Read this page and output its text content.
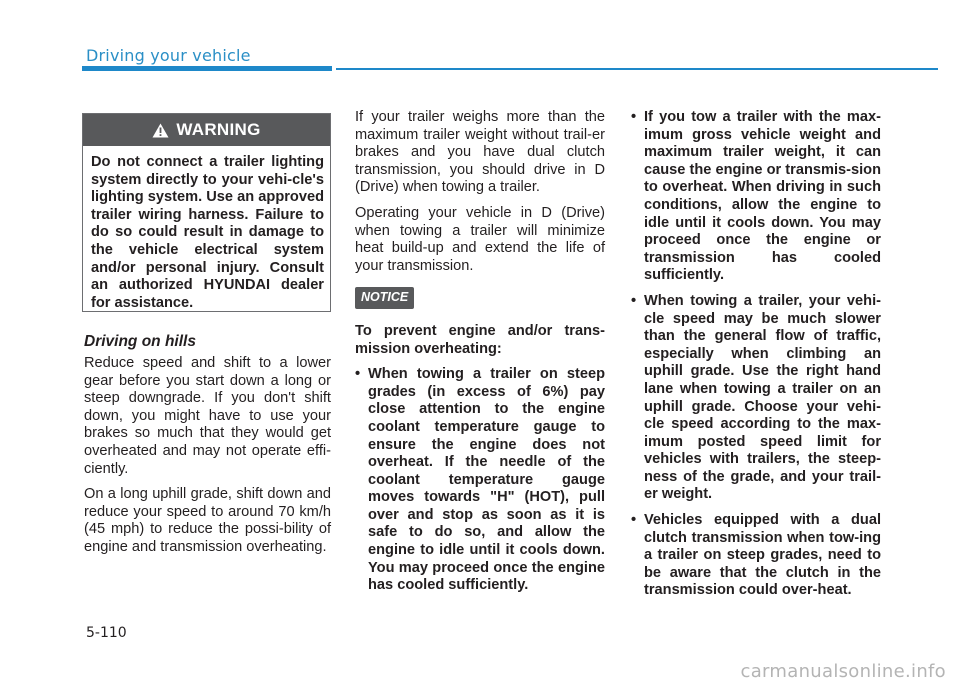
Driving your vehicle
WARNING
Do not connect a trailer lighting system directly to your vehi-cle's lighting system. Use an approved trailer wiring harness. Failure to do so could result in damage to the vehicle electrical system and/or personal injury. Consult an authorized HYUNDAI dealer for assistance.
Driving on hills

Reduce speed and shift to a lower gear before you start down a long or steep downgrade. If you don't shift down, you might have to use your brakes so much that they would get overheated and may not operate effi-ciently.

On a long uphill grade, shift down and reduce your speed to around 70 km/h (45 mph) to reduce the possi-bility of engine and transmission overheating.

If your trailer weighs more than the maximum trailer weight without trail-er brakes and you have dual clutch transmission, you should drive in D (Drive) when towing a trailer.

Operating your vehicle in D (Drive) when towing a trailer will minimize heat build-up and extend the life of your transmission.

NOTICE

To prevent engine and/or trans-mission overheating:

• When towing a trailer on steep grades (in excess of 6%) pay close attention to the engine coolant temperature gauge to ensure the engine does not overheat. If the needle of the coolant temperature gauge moves towards "H" (HOT), pull over and stop as soon as it is safe to do so, and allow the engine to idle until it cools down. You may proceed once the engine has cooled sufficiently.
• If you tow a trailer with the max-imum gross vehicle weight and maximum trailer weight, it can cause the engine or transmis-sion to overheat. When driving in such conditions, allow the engine to idle until it cools down. You may proceed once the engine or transmission has cooled sufficiently.
• When towing a trailer, your vehi-cle speed may be much slower than the general flow of traffic, especially when climbing an uphill grade. Use the right hand lane when towing a trailer on an uphill grade. Choose your vehi-cle speed according to the max-imum posted speed limit for vehicles with trailers, the steep-ness of the grade, and your trail-er weight.
• Vehicles equipped with a dual clutch transmission when tow-ing a trailer on steep grades, need to be aware that the clutch in the transmission could over-heat.
5-110
carmanualsonline.info
